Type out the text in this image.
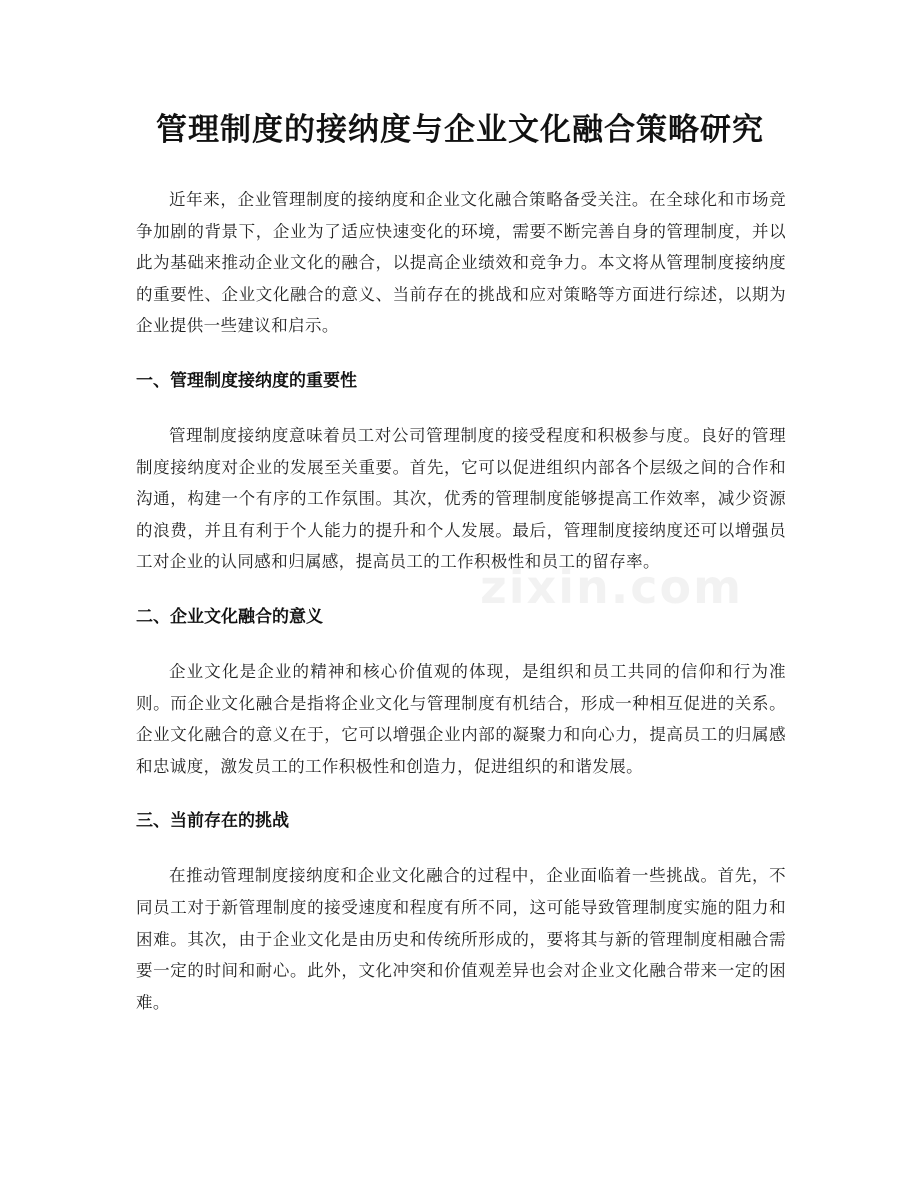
管理制度的接纳度与企业文化融合策略研究

近年来，企业管理制度的接纳度和企业文化融合策略备受关注。在全球化和市场竞争加剧的背景下，企业为了适应快速变化的环境，需要不断完善自身的管理制度，并以此为基础来推动企业文化的融合，以提高企业绩效和竞争力。本文将从管理制度接纳度的重要性、企业文化融合的意义、当前存在的挑战和应对策略等方面进行综述，以期为企业提供一些建议和启示。

一、管理制度接纳度的重要性

管理制度接纳度意味着员工对公司管理制度的接受程度和积极参与度。良好的管理制度接纳度对企业的发展至关重要。首先，它可以促进组织内部各个层级之间的合作和沟通，构建一个有序的工作氛围。其次，优秀的管理制度能够提高工作效率，减少资源的浪费，并且有利于个人能力的提升和个人发展。最后，管理制度接纳度还可以增强员工对企业的认同感和归属感，提高员工的工作积极性和员工的留存率。

二、企业文化融合的意义

企业文化是企业的精神和核心价值观的体现，是组织和员工共同的信仰和行为准则。而企业文化融合是指将企业文化与管理制度有机结合，形成一种相互促进的关系。企业文化融合的意义在于，它可以增强企业内部的凝聚力和向心力，提高员工的归属感和忠诚度，激发员工的工作积极性和创造力，促进组织的和谐发展。

三、当前存在的挑战

在推动管理制度接纳度和企业文化融合的过程中，企业面临着一些挑战。首先，不同员工对于新管理制度的接受速度和程度有所不同，这可能导致管理制度实施的阻力和困难。其次，由于企业文化是由历史和传统所形成的，要将其与新的管理制度相融合需要一定的时间和耐心。此外，文化冲突和价值观差异也会对企业文化融合带来一定的困难。

zixin.com
